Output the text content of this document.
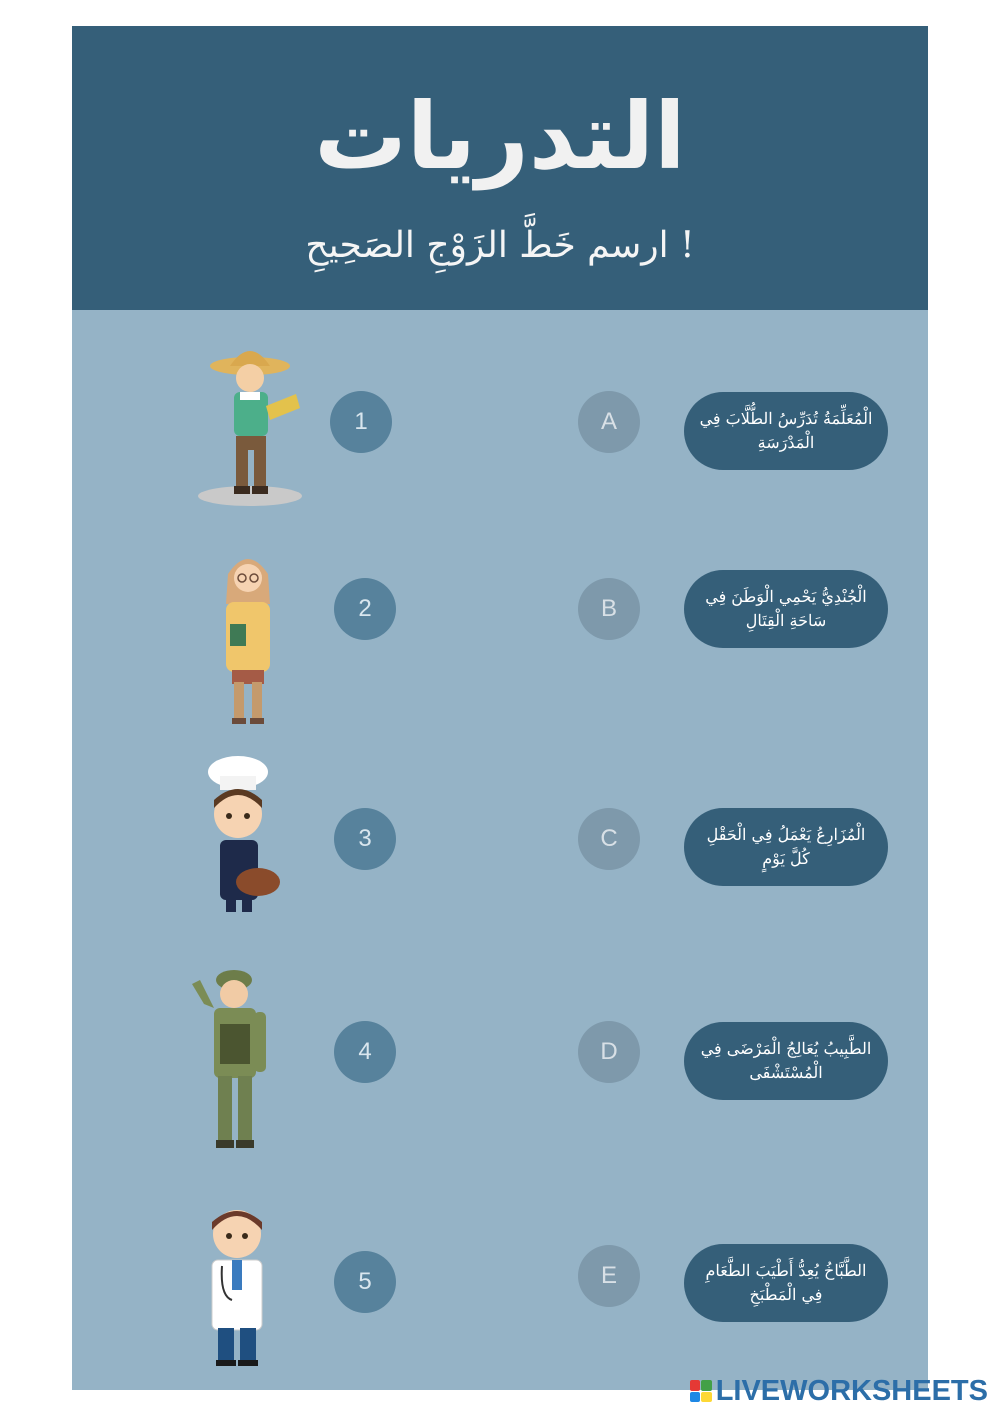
التدريات
ارسم خَطَّ الزَوْجِ الصَحِيحِ !
1
2
3
4
5
A
B
C
D
E
الْمُعَلِّمَةُ تُدَرِّسُ الطُّلَّابَ فِي الْمَدْرَسَةِ
الْجُنْدِيُّ يَحْمِي الْوَطَنَ فِي سَاحَةِ الْقِتَالِ
الْمُزَارِعُ يَعْمَلُ فِي الْحَقْلِ كُلَّ يَوْمٍ
الطَّبِيبُ يُعَالِجُ الْمَرْضَى فِي الْمُسْتَشْفَى
الطَّبَّاخُ يُعِدُّ أَطْيَبَ الطَّعَامِ فِي الْمَطْبَخِ
LIVEWORKSHEETS
